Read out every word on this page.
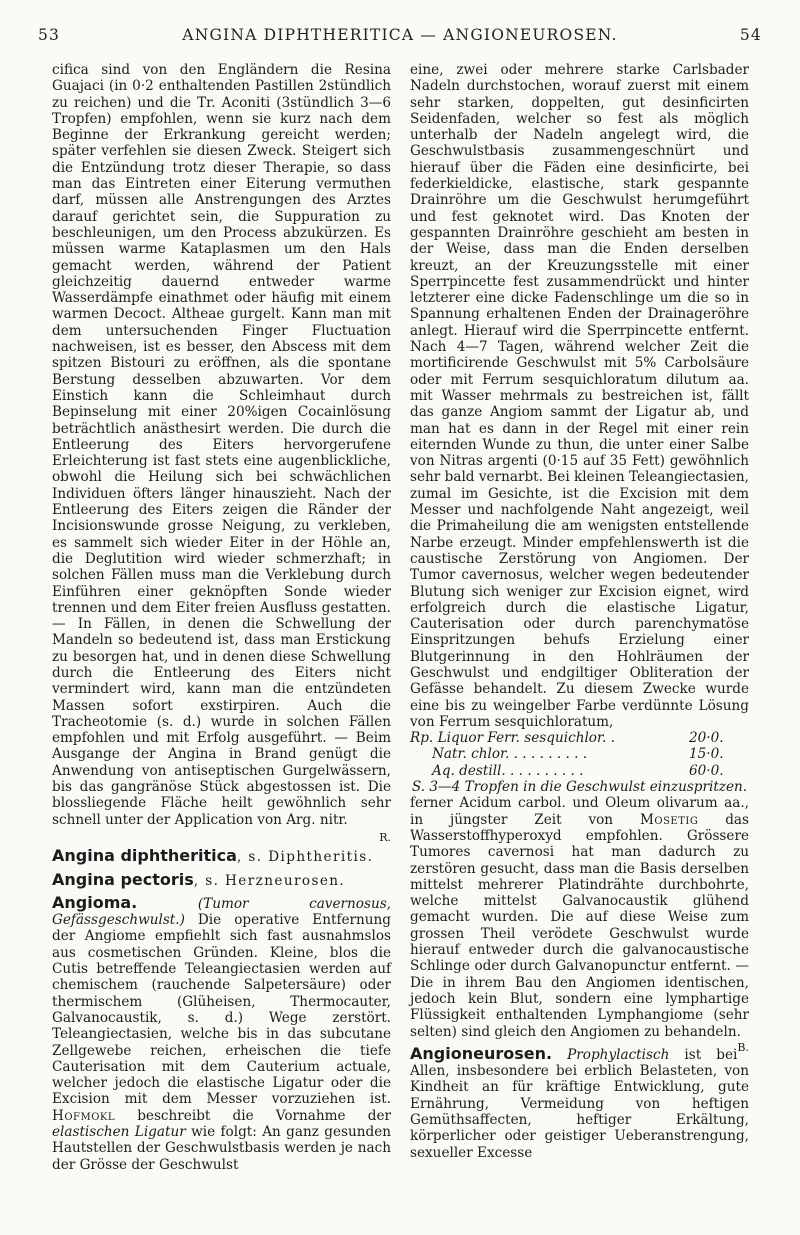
53	ANGINA DIPHTHERITICA — ANGIONEUROSEN.	54

cifica sind von den Engländern die Resina Guajaci (in 0·2 enthaltenden Pastillen 2stündlich zu reichen) und die Tr. Aconiti (3stündlich 3—6 Tropfen) empfohlen, wenn sie kurz nach dem Beginne der Erkrankung gereicht werden; später verfehlen sie diesen Zweck. Steigert sich die Entzündung trotz dieser Therapie, so dass man das Eintreten einer Eiterung vermuthen darf, müssen alle Anstrengungen des Arztes darauf gerichtet sein, die Suppuration zu beschleunigen, um den Process abzukürzen. Es müssen warme Kataplasmen um den Hals gemacht werden, während der Patient gleichzeitig dauernd entweder warme Wasserdämpfe einathmet oder häufig mit einem warmen Decoct. Altheae gurgelt. Kann man mit dem untersuchenden Finger Fluctuation nachweisen, ist es besser, den Abscess mit dem spitzen Bistouri zu eröffnen, als die spontane Berstung desselben abzuwarten. Vor dem Einstich kann die Schleimhaut durch Bepinselung mit einer 20%igen Cocainlösung beträchtlich anästhesirt werden. Die durch die Entleerung des Eiters hervorgerufene Erleichterung ist fast stets eine augenblickliche, obwohl die Heilung sich bei schwächlichen Individuen öfters länger hinauszieht. Nach der Entleerung des Eiters zeigen die Ränder der Incisionswunde grosse Neigung, zu verkleben, es sammelt sich wieder Eiter in der Höhle an, die Deglutition wird wieder schmerzhaft; in solchen Fällen muss man die Verklebung durch Einführen einer geknöpften Sonde wieder trennen und dem Eiter freien Ausfluss gestatten. — In Fällen, in denen die Schwellung der Mandeln so bedeutend ist, dass man Erstickung zu besorgen hat, und in denen diese Schwellung durch die Entleerung des Eiters nicht vermindert wird, kann man die entzündeten Massen sofort exstirpiren. Auch die Tracheotomie (s. d.) wurde in solchen Fällen empfohlen und mit Erfolg ausgeführt. — Beim Ausgange der Angina in Brand genügt die Anwendung von antiseptischen Gurgelwässern, bis das gangränöse Stück abgestossen ist. Die blossliegende Fläche heilt gewöhnlich sehr schnell unter der Application von Arg. nitr.

R.

Angina diphtheritica, s. Diphtheritis.

Angina pectoris, s. Herzneurosen.

Angioma.	(Tumor cavernosus, Gefässgeschwulst.) Die operative Entfernung der Angiome empfiehlt sich fast ausnahmslos aus cosmetischen Gründen. Kleine, blos die Cutis betreffende Teleangiectasien werden auf chemischem (rauchende Salpetersäure) oder thermischem (Glüheisen, Thermocauter, Galvanocaustik, s. d.) Wege zerstört. Teleangiectasien, welche bis in das subcutane Zellgewebe reichen, erheischen die tiefe Cauterisation mit dem Cauterium actuale, welcher jedoch die elastische Ligatur oder die Excision mit dem Messer vorzuziehen ist. Hofmokl beschreibt die Vornahme der elastischen Ligatur wie folgt: An ganz gesunden Hautstellen der Geschwulstbasis werden je nach der Grösse der Geschwulst

eine, zwei oder mehrere starke Carlsbader Nadeln durchstochen, worauf zuerst mit einem sehr starken, doppelten, gut desinficirten Seidenfaden, welcher so fest als möglich unterhalb der Nadeln angelegt wird, die Geschwulstbasis zusammengeschnürt und hierauf über die Fäden eine desinficirte, bei federkieldicke, elastische, stark gespannte Drainröhre um die Geschwulst herumgeführt und fest geknotet wird. Das Knoten der gespannten Drainröhre geschieht am besten in der Weise, dass man die Enden derselben kreuzt, an der Kreuzungsstelle mit einer Sperrpincette fest zusammendrückt und hinter letzterer eine dicke Fadenschlinge um die so in Spannung erhaltenen Enden der Drainageröhre anlegt. Hierauf wird die Sperrpincette entfernt. Nach 4—7 Tagen, während welcher Zeit die mortificirende Geschwulst mit 5% Carbolsäure oder mit Ferrum sesquichloratum dilutum aa. mit Wasser mehrmals zu bestreichen ist, fällt das ganze Angiom sammt der Ligatur ab, und man hat es dann in der Regel mit einer rein eiternden Wunde zu thun, die unter einer Salbe von Nitras argenti (0·15 auf 35 Fett) gewöhnlich sehr bald vernarbt. Bei kleinen Teleangiectasien, zumal im Gesichte, ist die Excision mit dem Messer und nachfolgende Naht angezeigt, weil die Primaheilung die am wenigsten entstellende Narbe erzeugt. Minder empfehlenswerth ist die caustische Zerstörung von Angiomen. Der Tumor cavernosus, welcher wegen bedeutender Blutung sich weniger zur Excision eignet, wird erfolgreich durch die elastische Ligatur, Cauterisation oder durch parenchymatöse Einspritzungen behufs Erzielung einer Blutgerinnung in den Hohlräumen der Geschwulst und endgiltiger Obliteration der Gefässe behandelt. Zu diesem Zwecke wurde eine bis zu weingelber Farbe verdünnte Lösung von Ferrum sesquichloratum,

Rp. Liquor Ferr. sesquichlor. .	20·0.
Natr. chlor. . . . . . . . . .	15·0.
Aq. destill. . . . . . . . . .	60·0.
S. 3—4 Tropfen in die Geschwulst einzuspritzen.

ferner Acidum carbol. und Oleum olivarum aa., in jüngster Zeit von Mosetig das Wasserstoffhyperoxyd empfohlen. Grössere Tumores cavernosi hat man dadurch zu zerstören gesucht, dass man die Basis derselben mittelst mehrerer Platindrähte durchbohrte, welche mittelst Galvanocaustik glühend gemacht wurden. Die auf diese Weise zum grossen Theil verödete Geschwulst wurde hierauf entweder durch die galvanocaustische Schlinge oder durch Galvanopunctur entfernt. — Die in ihrem Bau den Angiomen identischen, jedoch kein Blut, sondern eine lymphartige Flüssigkeit enthaltenden Lymphangiome (sehr selten) sind gleich den Angiomen zu behandeln.
B.

Angioneurosen. Prophylactisch ist bei Allen, insbesondere bei erblich Belasteten, von Kindheit an für kräftige Entwicklung, gute Ernährung, Vermeidung von heftigen Gemüthsaffecten, heftiger Erkältung, körperlicher oder geistiger Ueberanstrengung, sexueller Excesse
